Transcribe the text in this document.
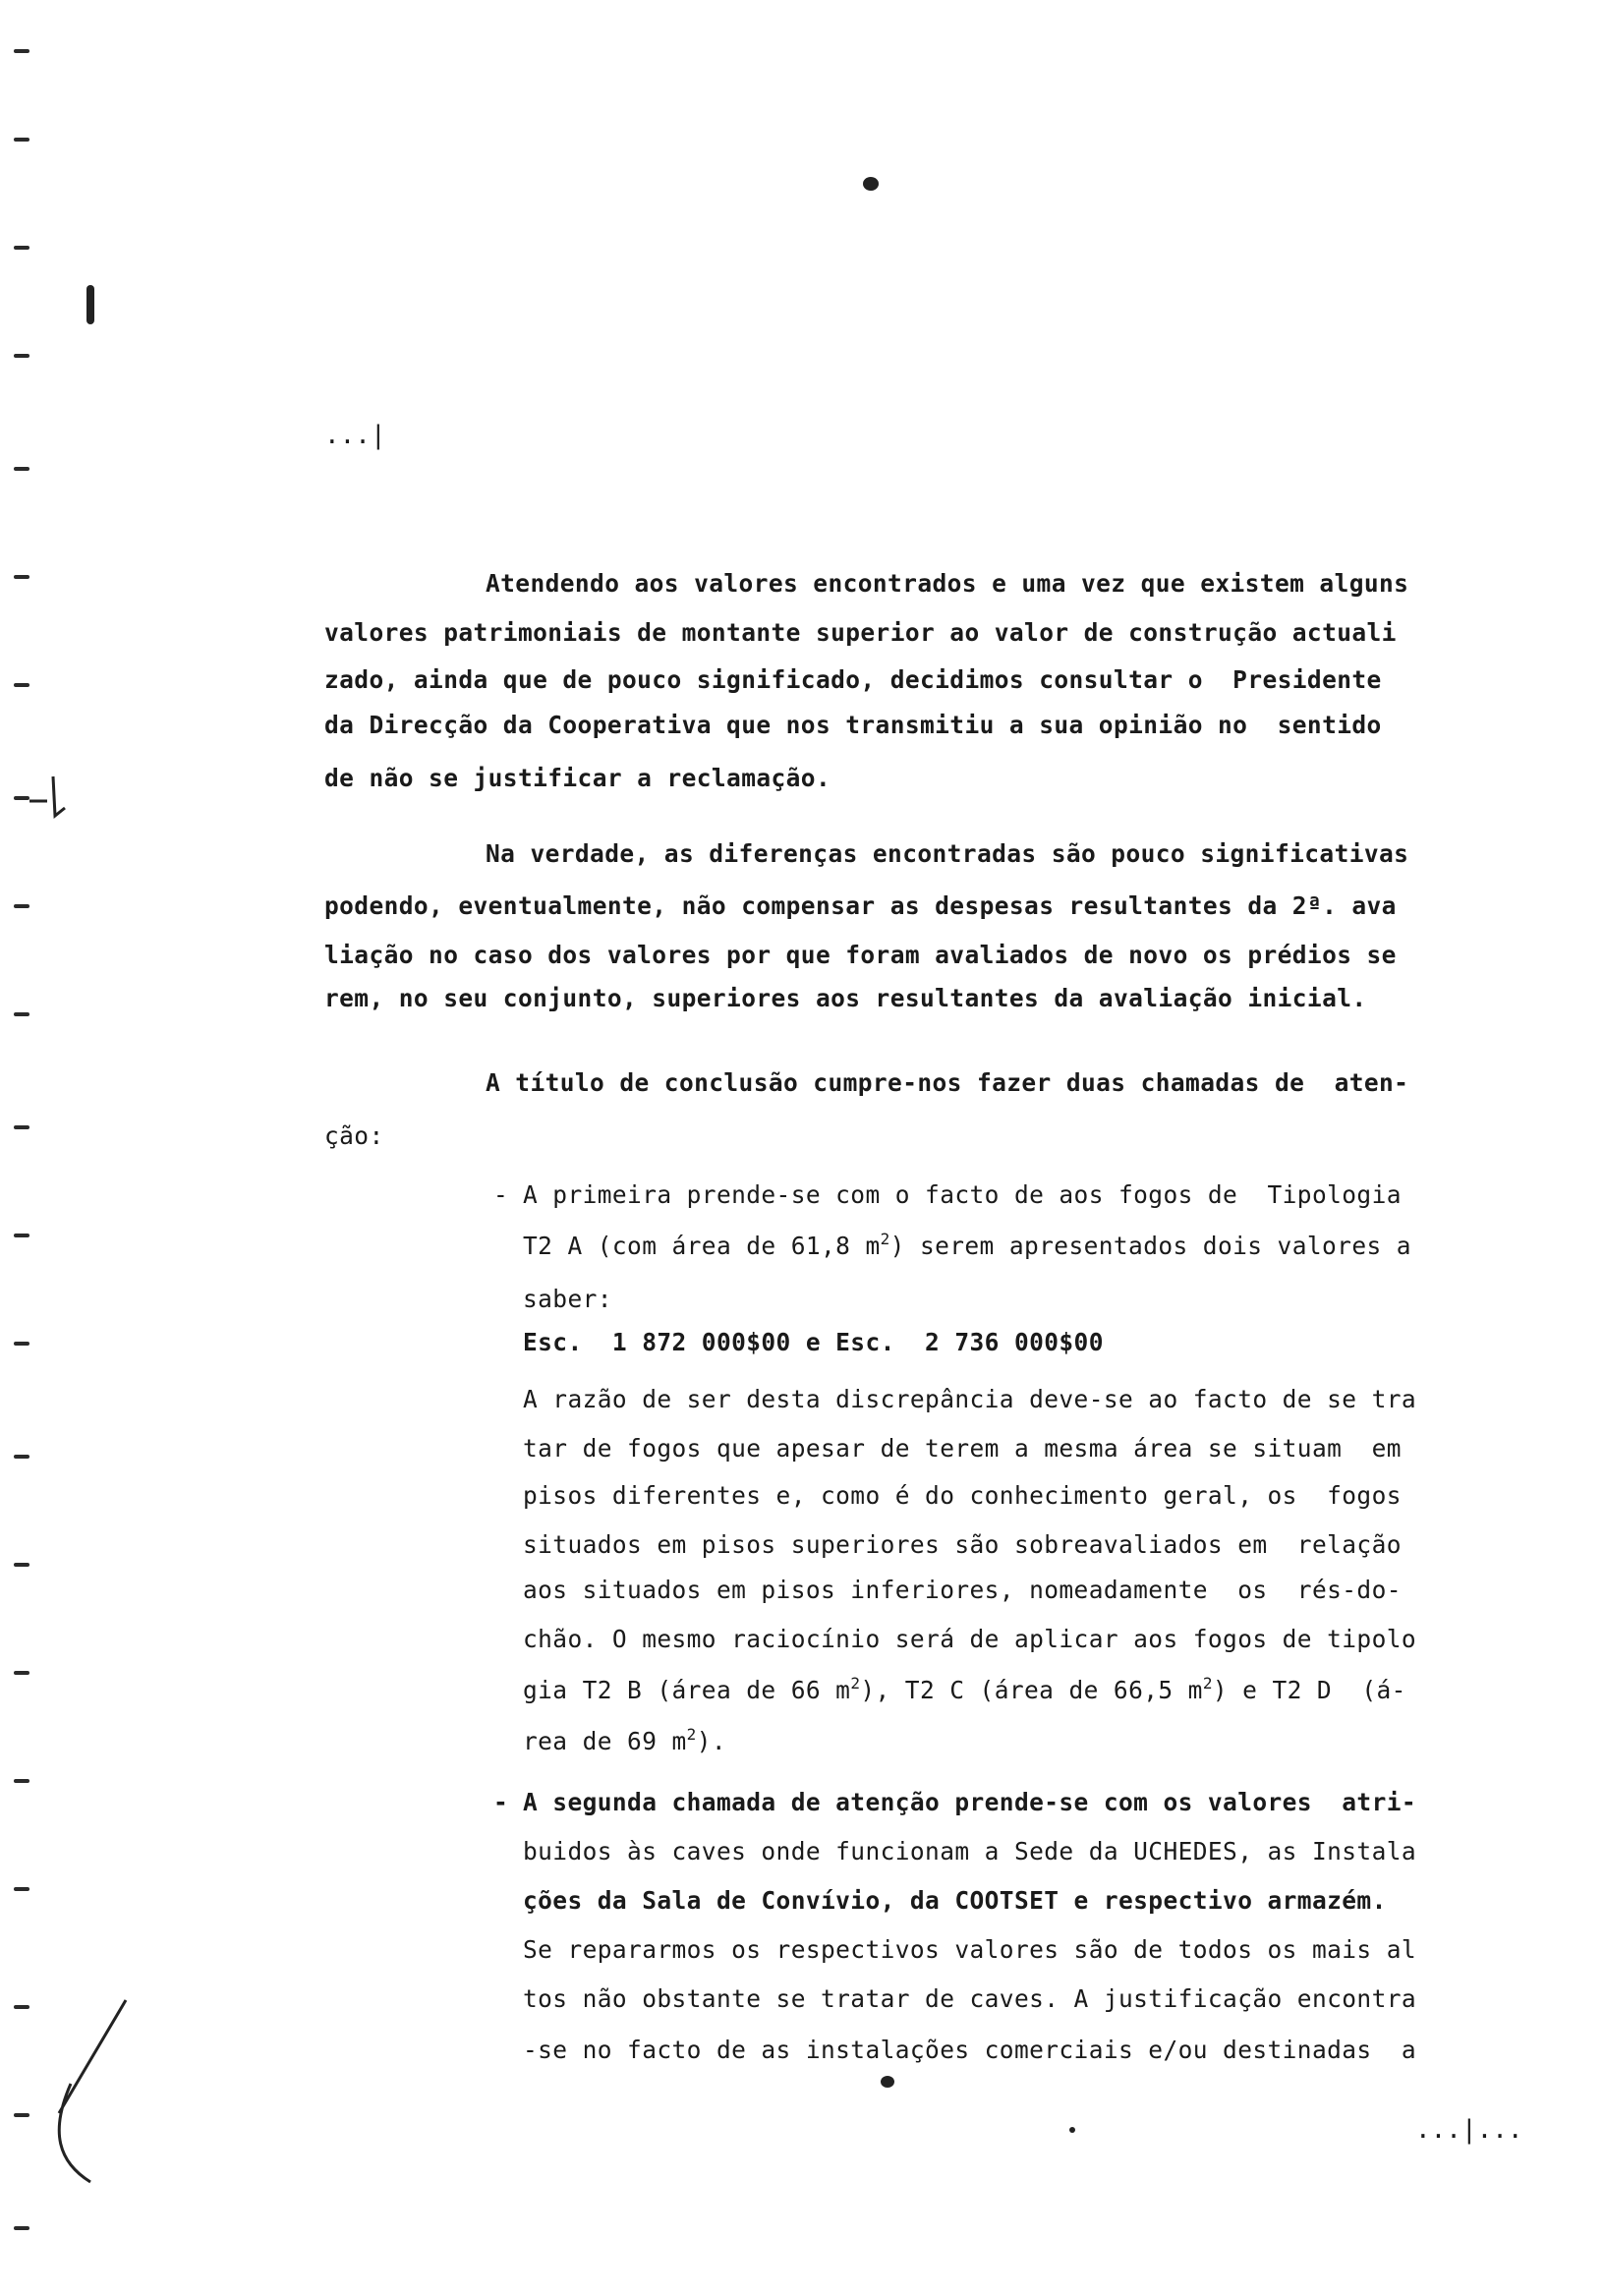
...|
Atendendo aos valores encontrados e uma vez que existem alguns
valores patrimoniais de montante superior ao valor de construção actuali
zado, ainda que de pouco significado, decidimos consultar o  Presidente
da Direcção da Cooperativa que nos transmitiu a sua opinião no  sentido
de não se justificar a reclamação.
Na verdade, as diferenças encontradas são pouco significativas
podendo, eventualmente, não compensar as despesas resultantes da 2ª. ava
liação no caso dos valores por que foram avaliados de novo os prédios se
rem, no seu conjunto, superiores aos resultantes da avaliação inicial.
A título de conclusão cumpre-nos fazer duas chamadas de  aten-
ção:
- A primeira prende-se com o facto de aos fogos de  Tipologia
T2 A (com área de 61,8 $m^2$) serem apresentados dois valores a
saber:
Esc.  1 872 000$00 e Esc.  2 736 000$00
A razão de ser desta discrepância deve-se ao facto de se tra
tar de fogos que apesar de terem a mesma área se situam  em
pisos diferentes e, como é do conhecimento geral, os  fogos
situados em pisos superiores são sobreavaliados em  relação
aos situados em pisos inferiores, nomeadamente  os  rés-do-
chão. O mesmo raciocínio será de aplicar aos fogos de tipolo
gia T2 B (área de 66 $m^2$), T2 C (área de 66,5 $m^2$) e T2 D  (á-
rea de 69 $m^2$).
- A segunda chamada de atenção prende-se com os valores  atri-
buidos às caves onde funcionam a Sede da UCHEDES, as Instala
ções da Sala de Convívio, da COOTSET e respectivo armazém.
Se repararmos os respectivos valores são de todos os mais al
tos não obstante se tratar de caves. A justificação encontra
-se no facto de as instalações comerciais e/ou destinadas  a
...|...
